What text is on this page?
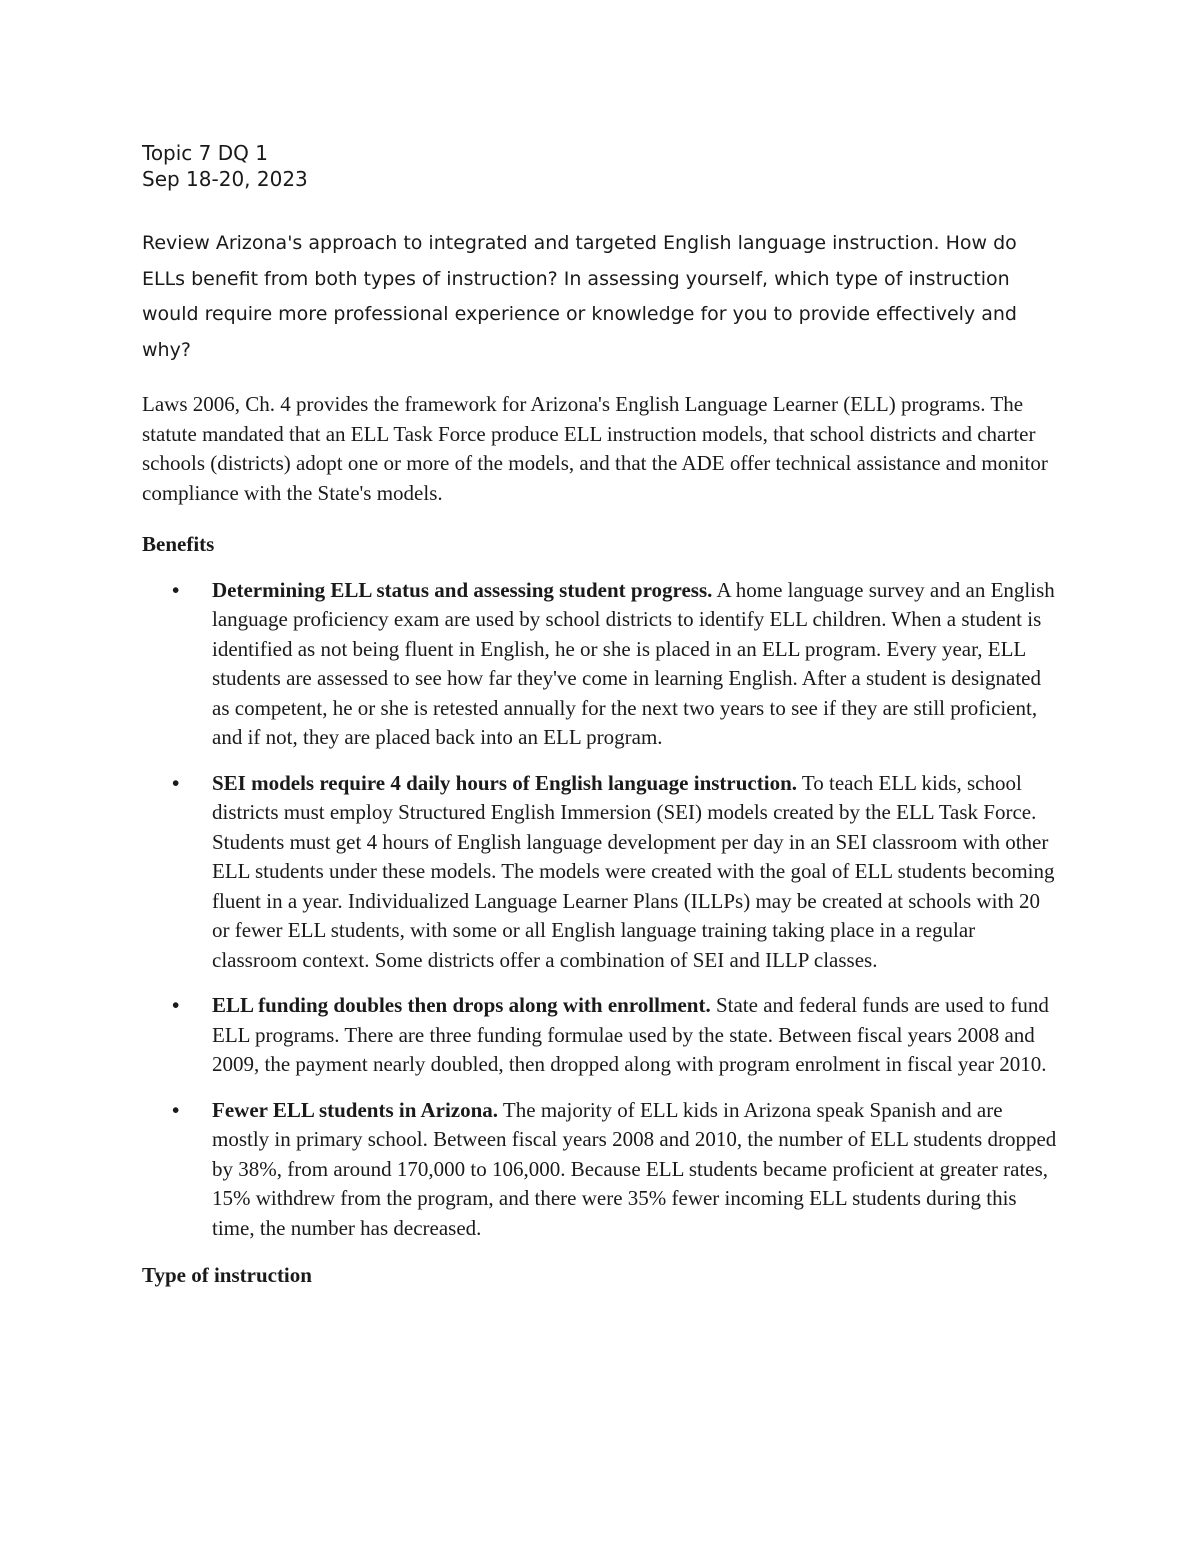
Topic 7 DQ 1

Sep 18-20, 2023

Review Arizona's approach to integrated and targeted English language instruction. How do ELLs benefit from both types of instruction? In assessing yourself, which type of instruction would require more professional experience or knowledge for you to provide effectively and why?

Laws 2006, Ch. 4 provides the framework for Arizona's English Language Learner (ELL) programs. The statute mandated that an ELL Task Force produce ELL instruction models, that school districts and charter schools (districts) adopt one or more of the models, and that the ADE offer technical assistance and monitor compliance with the State's models.

Benefits

• Determining ELL status and assessing student progress. A home language survey and an English language proficiency exam are used by school districts to identify ELL children. When a student is identified as not being fluent in English, he or she is placed in an ELL program. Every year, ELL students are assessed to see how far they've come in learning English. After a student is designated as competent, he or she is retested annually for the next two years to see if they are still proficient, and if not, they are placed back into an ELL program.
• SEI models require 4 daily hours of English language instruction. To teach ELL kids, school districts must employ Structured English Immersion (SEI) models created by the ELL Task Force. Students must get 4 hours of English language development per day in an SEI classroom with other ELL students under these models. The models were created with the goal of ELL students becoming fluent in a year. Individualized Language Learner Plans (ILLPs) may be created at schools with 20 or fewer ELL students, with some or all English language training taking place in a regular classroom context. Some districts offer a combination of SEI and ILLP classes.
• ELL funding doubles then drops along with enrollment. State and federal funds are used to fund ELL programs. There are three funding formulae used by the state. Between fiscal years 2008 and 2009, the payment nearly doubled, then dropped along with program enrolment in fiscal year 2010.
• Fewer ELL students in Arizona. The majority of ELL kids in Arizona speak Spanish and are mostly in primary school. Between fiscal years 2008 and 2010, the number of ELL students dropped by 38%, from around 170,000 to 106,000. Because ELL students became proficient at greater rates, 15% withdrew from the program, and there were 35% fewer incoming ELL students during this time, the number has decreased.

Type of instruction
